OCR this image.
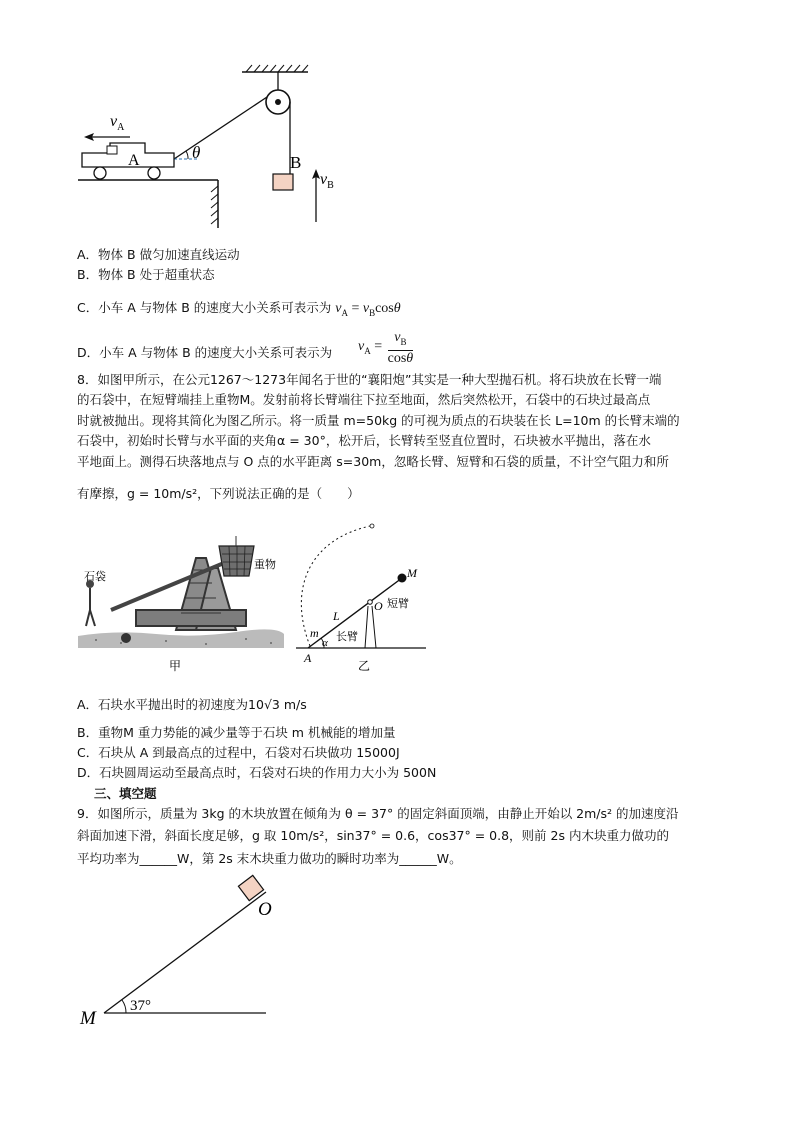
θ
A
$v_A$
B
$v_B$
A．物体 B 做匀加速直线运动
B．物体 B 处于超重状态
C．小车 A 与物体 B 的速度大小关系可表示为 $v_A = v_B\cos\theta$
D．小车 A 与物体 B 的速度大小关系可表示为 $v_A = \frac{v_B}{\cos\theta}$
8．如图甲所示，在公元1267～1273年闻名于世的“襄阳炮”其实是一种大型抛石机。将石块放在长臂一端
的石袋中，在短臂端挂上重物M。发射前将长臂端往下拉至地面，然后突然松开，石袋中的石块过最高点
时就被抛出。现将其简化为图乙所示。将一质量 m=50kg 的可视为质点的石块装在长 L=10m 的长臂末端的
石袋中，初始时长臂与水平面的夹角α = 30°，松开后，长臂转至竖直位置时，石块被水平抛出，落在水
平地面上。测得石块落地点与 O 点的水平距离 s=30m，忽略长臂、短臂和石袋的质量，不计空气阻力和所
有摩擦，g = 10m/s²，下列说法正确的是（　　）
石袋
重物
甲
M
O 短臂
L
长臂
m
α
A
乙
A．石块水平抛出时的初速度为10√3 m/s
B．重物M 重力势能的减少量等于石块 m 机械能的增加量
C．石块从 A 到最高点的过程中，石袋对石块做功 15000J
D．石块圆周运动至最高点时，石袋对石块的作用力大小为 500N
三、填空题
9．如图所示，质量为 3kg 的木块放置在倾角为 θ = 37° 的固定斜面顶端，由静止开始以 2m/s² 的加速度沿
斜面加速下滑，斜面长度足够，g 取 10m/s²，sin37° = 0.6，cos37° = 0.8，则前 2s 内木块重力做功的
平均功率为______W，第 2s 末木块重力做功的瞬时功率为______W。
O
M
37°
